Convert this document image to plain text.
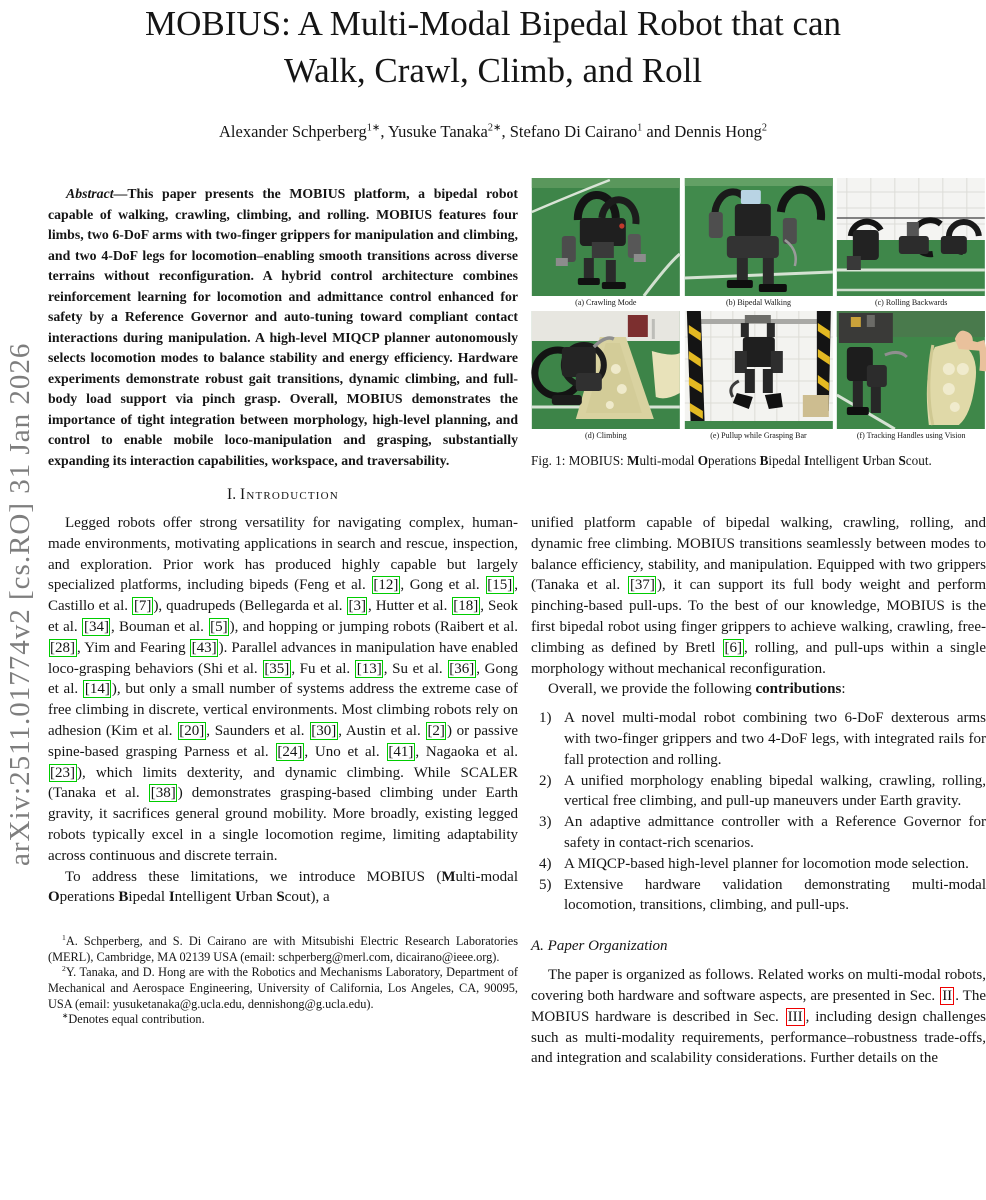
arXiv:2511.01774v2 [cs.RO] 31 Jan 2026
MOBIUS: A Multi-Modal Bipedal Robot that can
Walk, Crawl, Climb, and Roll
Alexander Schperberg$^{1∗}$, Yusuke Tanaka$^{2∗}$, Stefano Di Cairano$^1$ and Dennis Hong$^2$

Abstract—This paper presents the MOBIUS platform, a bipedal robot capable of walking, crawling, climbing, and rolling. MOBIUS features four limbs, two 6-DoF arms with two-finger grippers for manipulation and climbing, and two 4-DoF legs for locomotion–enabling smooth transitions across diverse terrains without reconfiguration. A hybrid control architecture combines reinforcement learning for locomotion and admittance control enhanced for safety by a Reference Governor and auto-tuning toward compliant contact interactions during manipulation. A high-level MIQCP planner autonomously selects locomotion modes to balance stability and energy efficiency. Hardware experiments demonstrate robust gait transitions, dynamic climbing, and full-body load support via pinch grasp. Overall, MOBIUS demonstrates the importance of tight integration between morphology, high-level planning, and control to enable mobile loco-manipulation and grasping, substantially expanding its interaction capabilities, workspace, and traversability.

I. Introduction

Legged robots offer strong versatility for navigating complex, human-made environments, motivating applications in search and rescue, inspection, and exploration. Prior work has produced highly capable but largely specialized platforms, including bipeds (Feng et al. [12] , Gong et al. [15] , Castillo et al. [7] ), quadrupeds (Bellegarda et al. [3] , Hutter et al. [18] , Seok et al. [34] , Bouman et al. [5] ), and hopping or jumping robots (Raibert et al. [28] , Yim and Fearing [43] ). Parallel advances in manipulation have enabled loco-grasping behaviors (Shi et al. [35] , Fu et al. [13] , Su et al. [36] , Gong et al. [14] ), but only a small number of systems address the extreme case of free climbing in discrete, vertical environments. Most climbing robots rely on adhesion (Kim et al. [20] , Saunders et al. [30] , Austin et al. [2] ) or passive spine-based grasping Parness et al. [24] , Uno et al. [41] , Nagaoka et al. [23] ), which limits dexterity, and dynamic climbing. While SCALER (Tanaka et al. [38] ) demonstrates grasping-based climbing under Earth gravity, it sacrifices general ground mobility. More broadly, existing legged robots typically excel in a single locomotion regime, limiting adaptability across continuous and discrete terrain.

To address these limitations, we introduce MOBIUS (Multi-modal Operations Bipedal Intelligent Urban Scout), a

$^1$A. Schperberg, and S. Di Cairano are with Mitsubishi Electric Research Laboratories (MERL), Cambridge, MA 02139 USA (email: schperberg@merl.com, dicairano@ieee.org).

$^2$Y. Tanaka, and D. Hong are with the Robotics and Mechanisms Laboratory, Department of Mechanical and Aerospace Engineering, University of California, Los Angeles, CA, 90095, USA (email: yusuketanaka@g.ucla.edu, dennishong@g.ucla.edu).

∗Denotes equal contribution.

(a) Crawling Mode	(b) Bipedal Walking	(c) Rolling Backwards

(d) Climbing	(e) Pullup while Grasping Bar	(f) Tracking Handles using Vision

Fig. 1: MOBIUS: Multi-modal Operations Bipedal Intelligent Urban Scout.

unified platform capable of bipedal walking, crawling, rolling, and dynamic free climbing. MOBIUS transitions seamlessly between modes to balance efficiency, stability, and manipulation. Equipped with two grippers (Tanaka et al. [37] ), it can support its full body weight and perform pinching-based pull-ups. To the best of our knowledge, MOBIUS is the first bipedal robot using finger grippers to achieve walking, crawling, free-climbing as defined by Bretl [6] , rolling, and pull-ups within a single morphology without mechanical reconfiguration.

Overall, we provide the following contributions:

A novel multi-modal robot combining two 6-DoF dexterous arms with two-finger grippers and two 4-DoF legs, with integrated rails for fall protection and rolling.
A unified morphology enabling bipedal walking, crawling, rolling, vertical free climbing, and pull-up maneuvers under Earth gravity.
An adaptive admittance controller with a Reference Governor for safety in contact-rich scenarios.
A MIQCP-based high-level planner for locomotion mode selection.
Extensive hardware validation demonstrating multi-modal locomotion, transitions, climbing, and pull-ups.
A. Paper Organization

The paper is organized as follows. Related works on multi-modal robots, covering both hardware and software aspects, are presented in Sec. II . The MOBIUS hardware is described in Sec. III , including design challenges such as multi-modality requirements, performance–robustness trade-offs, and integration and scalability considerations. Further details on the
